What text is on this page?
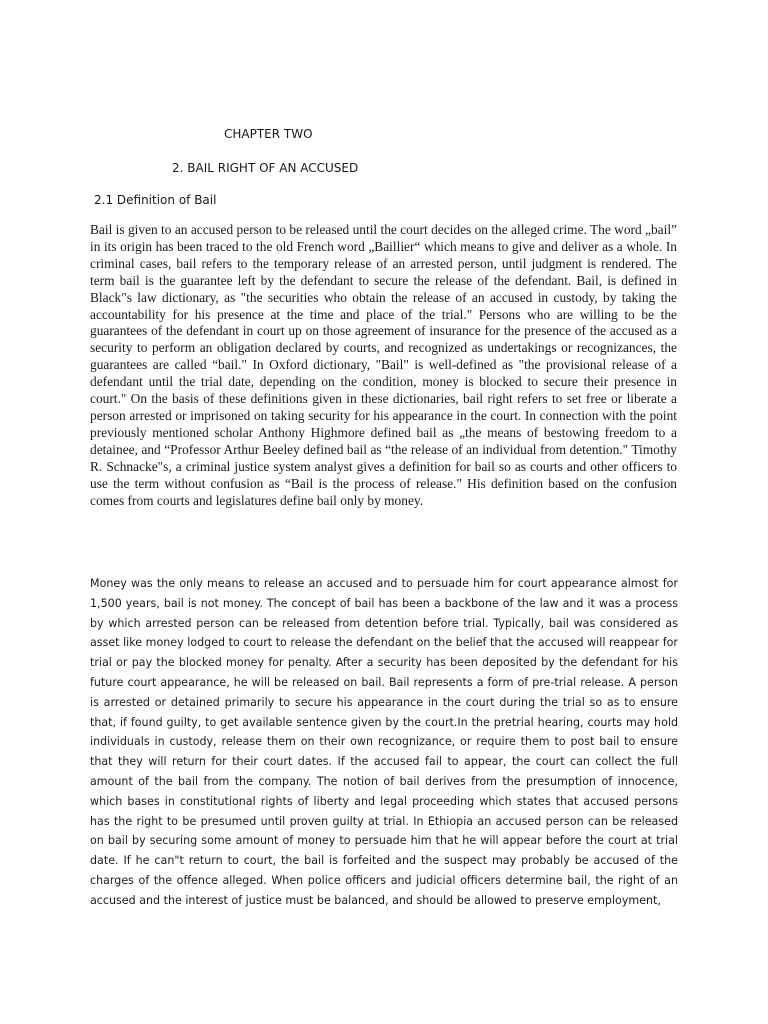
CHAPTER TWO
2. BAIL RIGHT OF AN ACCUSED
2.1 Definition of Bail

Bail is given to an accused person to be released until the court decides on the alleged crime. The word „bail” in its origin has been traced to the old French word „Baillier“ which means to give and deliver as a whole. In criminal cases, bail refers to the temporary release of an arrested person, until judgment is rendered. The term bail is the guarantee left by the defendant to secure the release of the defendant. Bail, is defined in Black"s law dictionary, as "the securities who obtain the release of an accused in custody, by taking the accountability for his presence at the time and place of the trial." Persons who are willing to be the guarantees of the defendant in court up on those agreement of insurance for the presence of the accused as a security to perform an obligation declared by courts, and recognized as undertakings or recognizances, the guarantees are called “bail." In Oxford dictionary, "Bail" is well-defined as "the provisional release of a defendant until the trial date, depending on the condition, money is blocked to secure their presence in court." On the basis of these definitions given in these dictionaries, bail right refers to set free or liberate a person arrested or imprisoned on taking security for his appearance in the court. In connection with the point previously mentioned scholar Anthony Highmore defined bail as „the means of bestowing freedom to a detainee, and “Professor Arthur Beeley defined bail as “the release of an individual from detention." Timothy R. Schnacke"s, a criminal justice system analyst gives a definition for bail so as courts and other officers to use the term without confusion as “Bail is the process of release." His definition based on the confusion comes from courts and legislatures define bail only by money.

Money was the only means to release an accused and to persuade him for court appearance almost for 1,500 years, bail is not money. The concept of bail has been a backbone of the law and it was a process by which arrested person can be released from detention before trial. Typically, bail was considered as asset like money lodged to court to release the defendant on the belief that the accused will reappear for trial or pay the blocked money for penalty. After a security has been deposited by the defendant for his future court appearance, he will be released on bail. Bail represents a form of pre-trial release. A person is arrested or detained primarily to secure his appearance in the court during the trial so as to ensure that, if found guilty, to get available sentence given by the court.In the pretrial hearing, courts may hold individuals in custody, release them on their own recognizance, or require them to post bail to ensure that they will return for their court dates. If the accused fail to appear, the court can collect the full amount of the bail from the company. The notion of bail derives from the presumption of innocence, which bases in constitutional rights of liberty and legal proceeding which states that accused persons has the right to be presumed until proven guilty at trial. In Ethiopia an accused person can be released on bail by securing some amount of money to persuade him that he will appear before the court at trial date. If he can"t return to court, the bail is forfeited and the suspect may probably be accused of the charges of the offence alleged. When police officers and judicial officers determine bail, the right of an accused and the interest of justice must be balanced, and should be allowed to preserve employment,
